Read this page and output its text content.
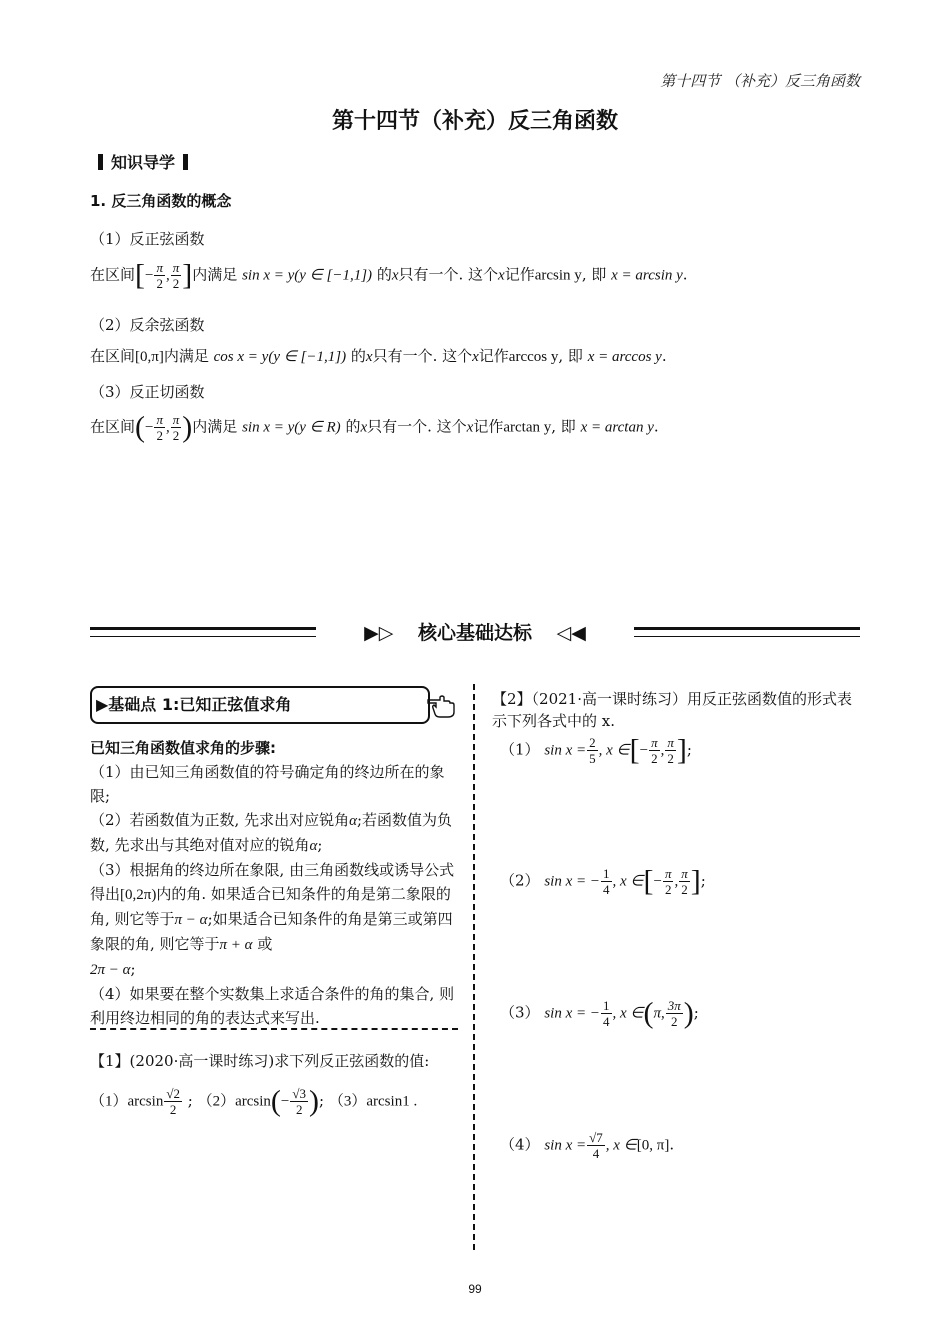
第十四节 （补充）反三角函数
第十四节（补充）反三角函数
知识导学
1. 反三角函数的概念
（1）反正弦函数
在区间[− $\frac{\pi}{2}$ , $\frac{\pi}{2}$ ]内满足 sin x = y(y ∈ [−1,1]) 的x只有一个. 这个x记作arcsin y, 即 x = arcsin y.
（2）反余弦函数
在区间[0,π]内满足 cos x = y(y ∈ [−1,1]) 的x只有一个. 这个x记作arccos y, 即 x = arccos y.
（3）反正切函数
在区间(− $\frac{\pi}{2}$ , $\frac{\pi}{2}$ )内满足 sin x = y(y ∈ R) 的x只有一个. 这个x记作arctan y, 即 x = arctan y.
▶▷ 核心基础达标 ◁◀
▶基础点 1:已知正弦值求角
已知三角函数值求角的步骤:
（1）由已知三角函数值的符号确定角的终边所在的象限;
（2）若函数值为正数, 先求出对应锐角α;若函数值为负数, 先求出与其绝对值对应的锐角α;
（3）根据角的终边所在象限, 由三角函数线或诱导公式得出[0,2π)内的角. 如果适合已知条件的角是第二象限的角, 则它等于π − α;如果适合已知条件的角是第三或第四象限的角, 则它等于π + α 或
2π − α;
（4）如果要在整个实数集上求适合条件的角的集合, 则利用终边相同的角的表达式来写出.
【1】(2020·高一课时练习)求下列反正弦函数的值:
$(1)\arcsin \frac{√2}{2}$ ; $(2)\arcsin(- \frac{√3}{2}$ ); （3）arcsin1 .
【2】（2021·高一课时练习）用反正弦函数值的形式表示下列各式中的 x.
（1） $\sin x = \frac{2}{5}$ , x ∈[− $\frac{\pi}{2}$ , $\frac{\pi}{2}$ ];
（2） sin x = − $\frac{1}{4}$ , x ∈[− $\frac{\pi}{2}$ , $\frac{\pi}{2}$ ];
（3） sin x = − $\frac{1}{4}$ , x ∈(π, $\frac{3\pi}{2}$ );
（4） $\sin x = \frac{√7}{4}$ , x ∈[0, π].
99
